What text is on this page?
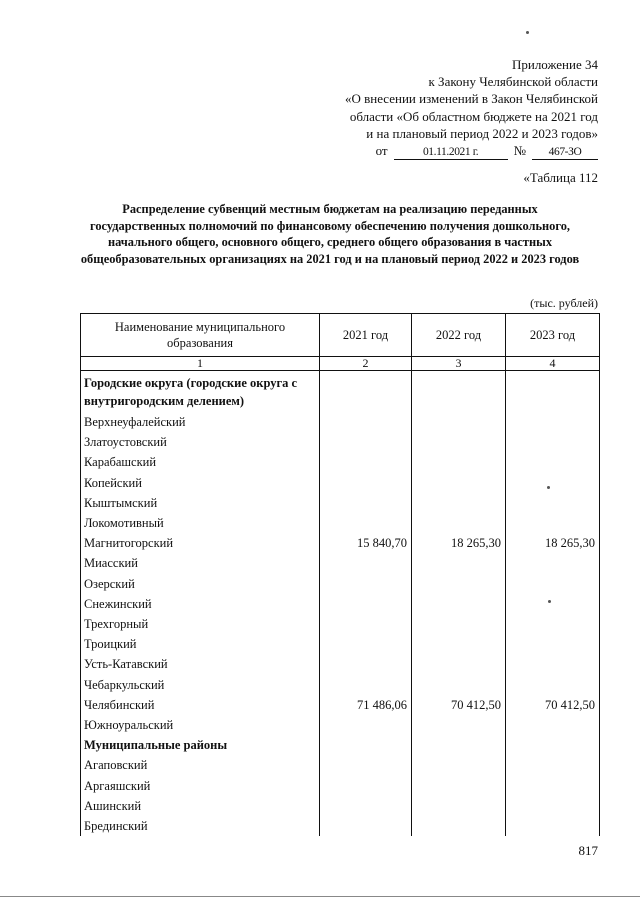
Приложение 34
к Закону Челябинской области
«О внесении изменений в Закон Челябинской
области «Об областном бюджете на 2021 год
и на плановый период 2022 и 2023 годов»
от	01.11.2021 г.	№	467-ЗО
«Таблица 112
Распределение субвенций местным бюджетам на реализацию переданных государственных полномочий по финансовому обеспечению получения дошкольного, начального общего, основного общего, среднего общего образования в частных общеобразовательных организациях на 2021 год и на плановый период 2022 и 2023 годов
(тыс. рублей)
Наименование муниципального образования	2021 год	2022 год	2023 год
1	2	3	4
Городские округа (городские округа с внутригородским делением)			
Верхнеуфалейский			
Златоустовский			
Карабашский			
Копейский			
Кыштымский			
Локомотивный			
Магнитогорский	15 840,70	18 265,30	18 265,30
Миасский			
Озерский			
Снежинский			
Трехгорный			
Троицкий			
Усть-Катавский			
Чебаркульский			
Челябинский	71 486,06	70 412,50	70 412,50
Южноуральский			
Муниципальные районы			
Агаповский			
Аргаяшский			
Ашинский			
Брединский			
817
